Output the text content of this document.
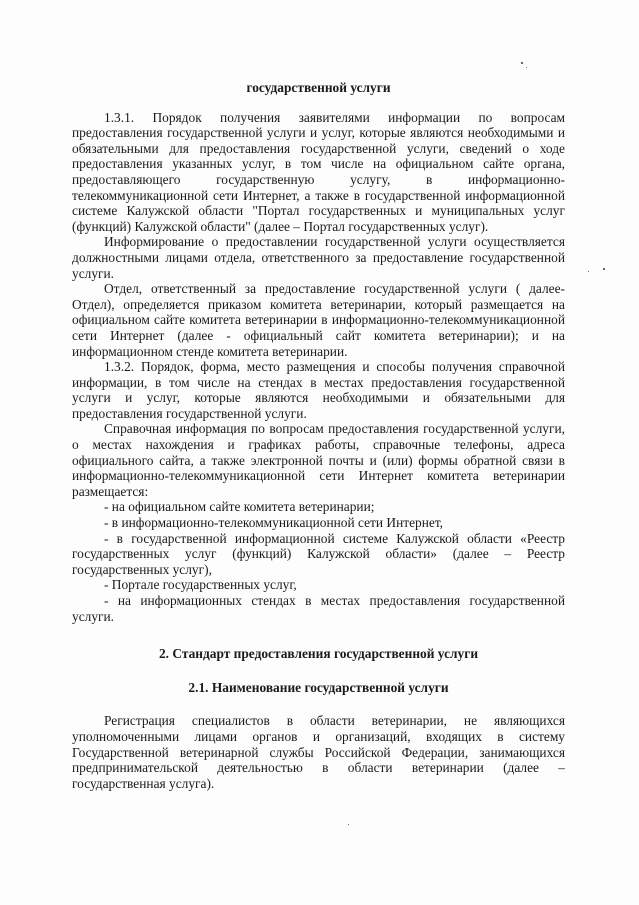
государственной услуги

1.3.1. Порядок получения заявителями информации по вопросам предоставления государственной услуги и услуг, которые являются необходимыми и обязательными для предоставления государственной услуги, сведений о ходе предоставления указанных услуг, в том числе на официальном сайте органа, предоставляющего государственную услугу, в информационно-телекоммуникационной сети Интернет, а также в государственной информационной системе Калужской области "Портал государственных и муниципальных услуг (функций) Калужской области" (далее – Портал государственных услуг).

Информирование о предоставлении государственной услуги осуществляется должностными лицами отдела, ответственного за предоставление государственной услуги.

Отдел, ответственный за предоставление государственной услуги ( далее- Отдел), определяется приказом комитета ветеринарии, который размещается на официальном сайте комитета ветеринарии в информационно-телекоммуникационной сети Интернет (далее - официальный сайт комитета ветеринарии); и на информационном стенде комитета ветеринарии.

1.3.2. Порядок, форма, место размещения и способы получения справочной информации, в том числе на стендах в местах предоставления государственной услуги и услуг, которые являются необходимыми и обязательными для предоставления государственной услуги.

Справочная информация по вопросам предоставления государственной услуги, о местах нахождения и графиках работы, справочные телефоны, адреса официального сайта, а также электронной почты и (или) формы обратной связи в информационно-телекоммуникационной сети Интернет комитета ветеринарии размещается:

- на официальном сайте комитета ветеринарии;

- в информационно-телекоммуникационной сети Интернет,

- в государственной информационной системе Калужской области «Реестр государственных услуг (функций) Калужской области» (далее – Реестр государственных услуг),

- Портале государственных услуг,

- на информационных стендах в местах предоставления государственной услуги.

2. Стандарт предоставления государственной услуги
2.1. Наименование государственной услуги

Регистрация специалистов в области ветеринарии, не являющихся уполномоченными лицами органов и организаций, входящих в систему Государственной ветеринарной службы Российской Федерации, занимающихся предпринимательской деятельностью в области ветеринарии (далее – государственная услуга).
